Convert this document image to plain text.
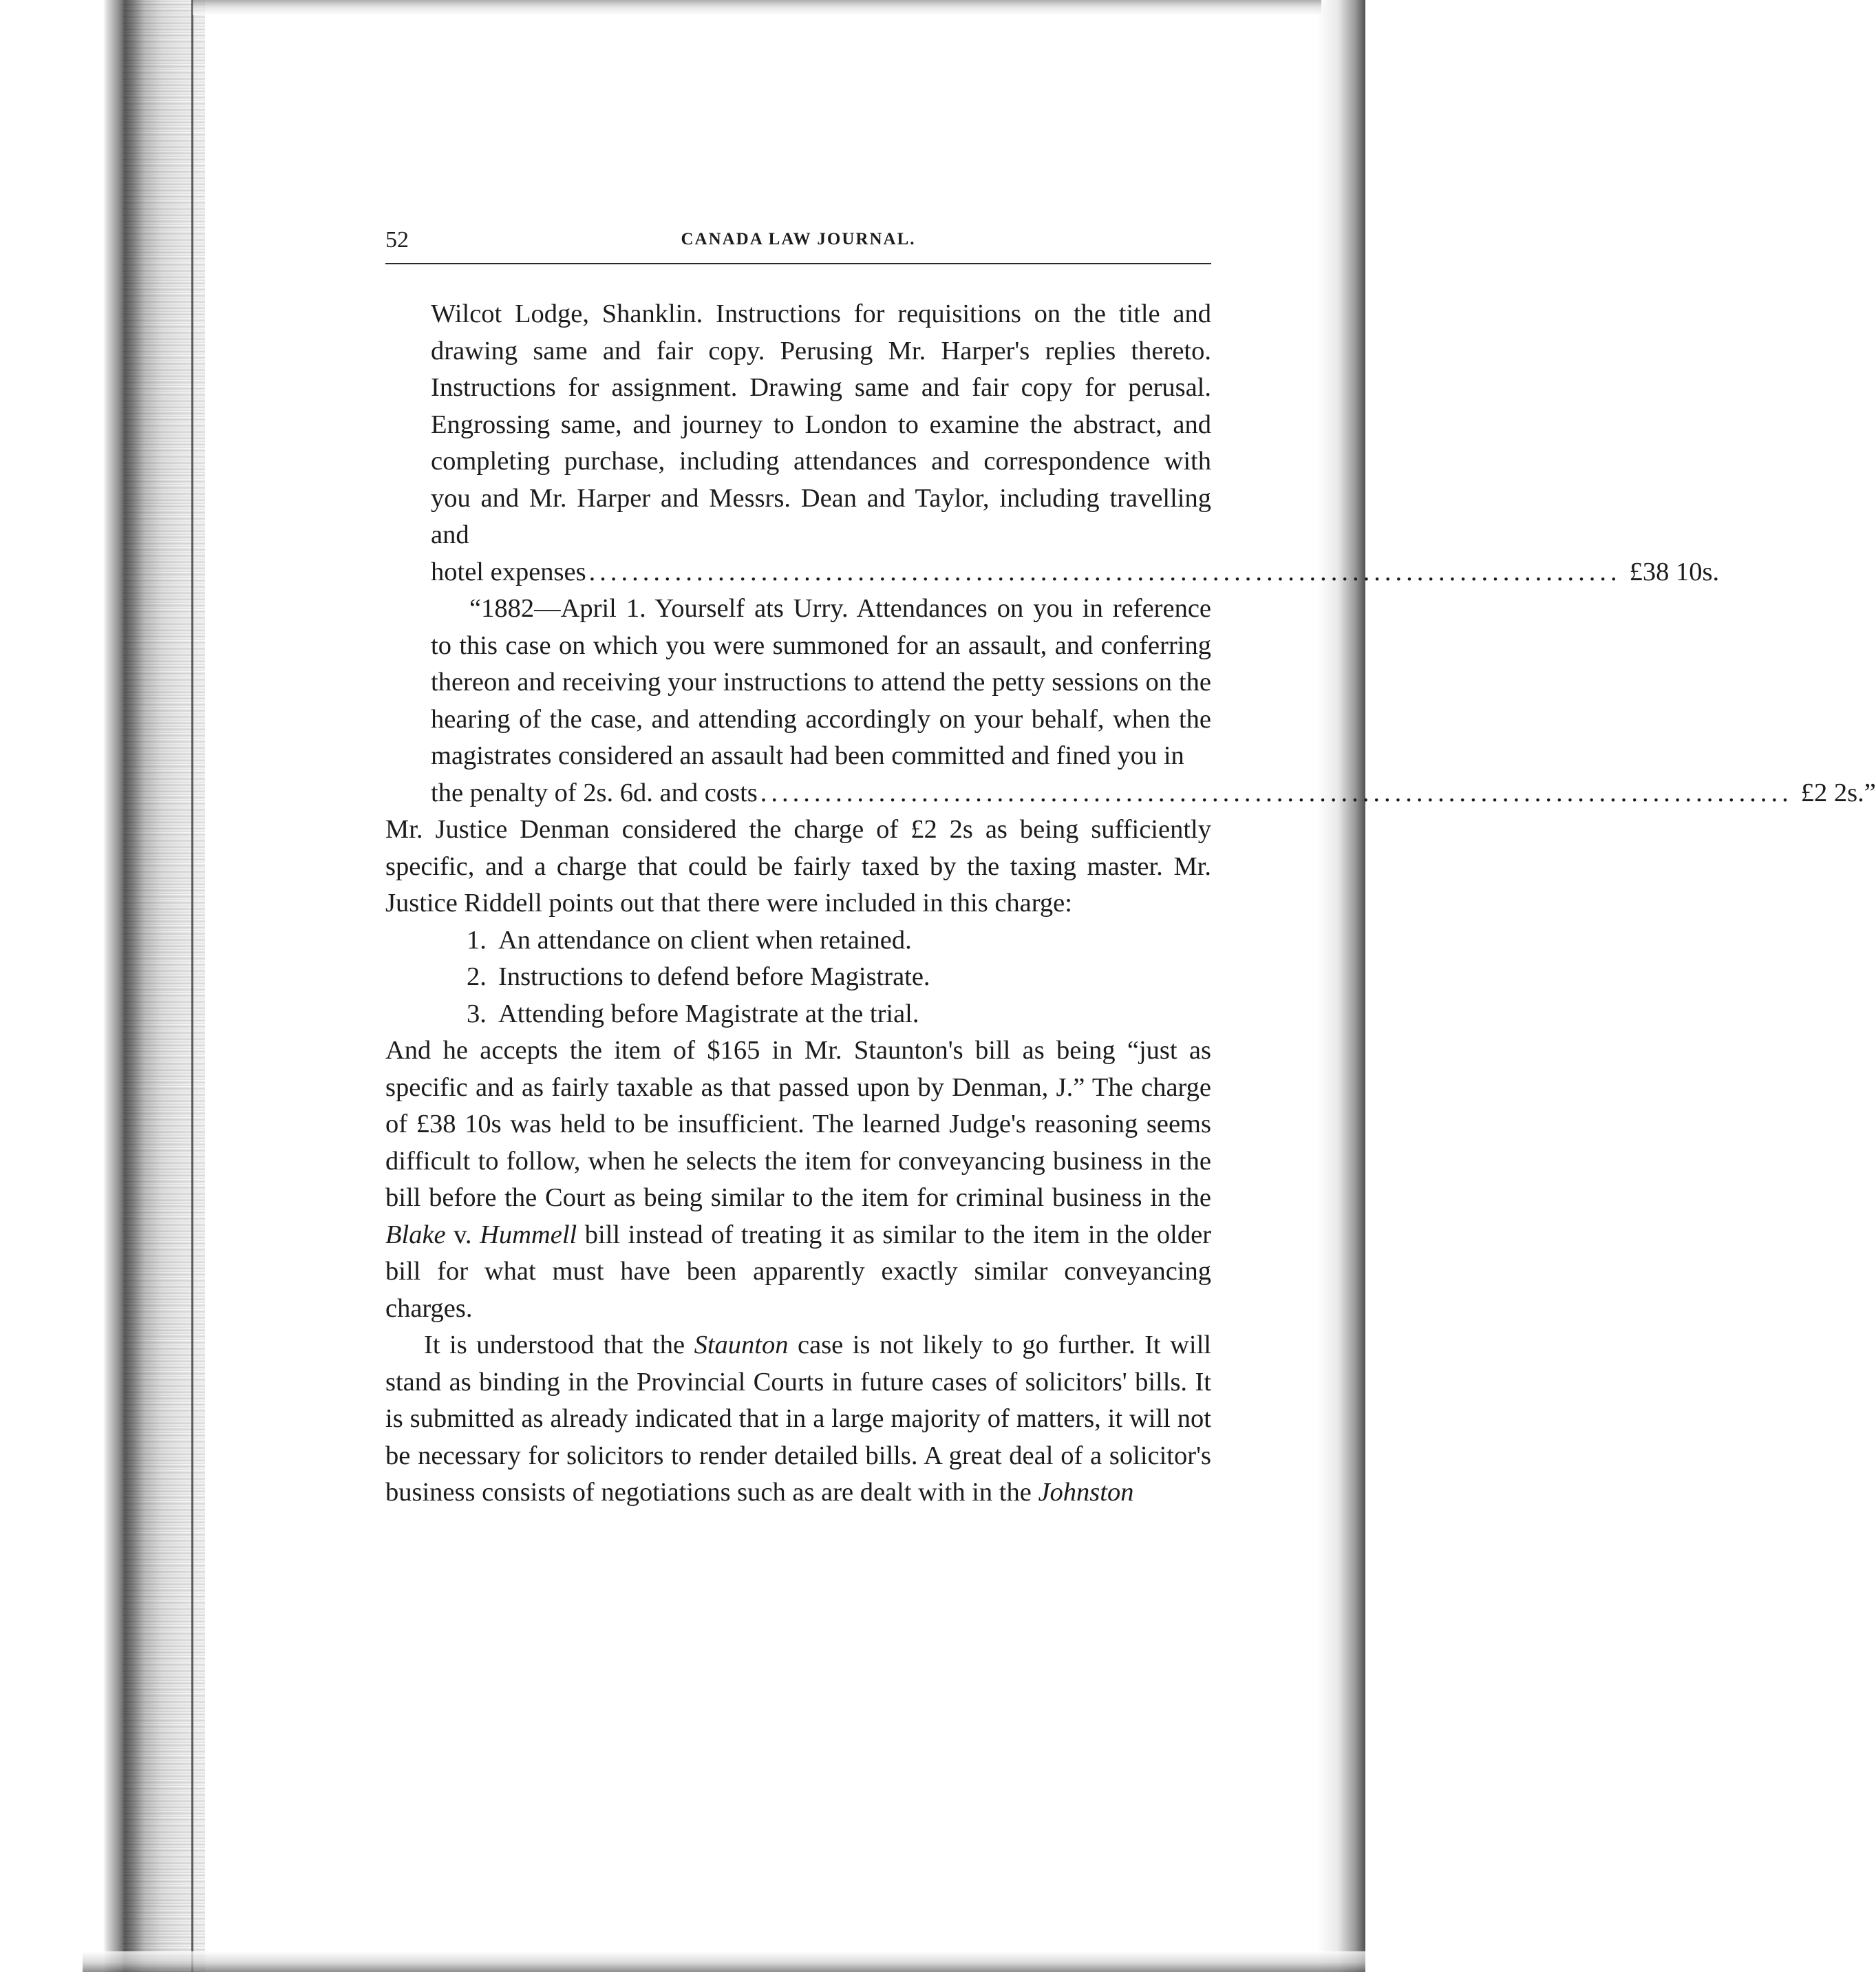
52	CANADA LAW JOURNAL.

Wilcot Lodge, Shanklin. Instructions for requisitions on the title and drawing same and fair copy. Perusing Mr. Harper's replies thereto. Instructions for assignment. Drawing same and fair copy for perusal. Engrossing same, and journey to London to examine the abstract, and completing purchase, including attendances and correspondence with you and Mr. Harper and Messrs. Dean and Taylor, including travelling and

hotel expenses ................................................................................................ £38 10s.

“1882—April 1. Yourself ats Urry. Attendances on you in reference to this case on which you were summoned for an assault, and conferring thereon and receiving your instructions to attend the petty sessions on the hearing of the case, and attending accordingly on your behalf, when the magistrates considered an assault had been committed and fined you in

the penalty of 2s. 6d. and costs ................................................................................................ £2 2s.”

Mr. Justice Denman considered the charge of £2 2s as being sufficiently specific, and a charge that could be fairly taxed by the taxing master. Mr. Justice Riddell points out that there were included in this charge:

1. An attendance on client when retained.
2. Instructions to defend before Magistrate.
3. Attending before Magistrate at the trial.

And he accepts the item of $165 in Mr. Staunton's bill as being “just as specific and as fairly taxable as that passed upon by Denman, J.” The charge of £38 10s was held to be insufficient. The learned Judge's reasoning seems difficult to follow, when he selects the item for conveyancing business in the bill before the Court as being similar to the item for criminal business in the Blake v. Hummell bill instead of treating it as similar to the item in the older bill for what must have been apparently exactly similar conveyancing charges.

It is understood that the Staunton case is not likely to go further. It will stand as binding in the Provincial Courts in future cases of solicitors' bills. It is submitted as already indicated that in a large majority of matters, it will not be necessary for solicitors to render detailed bills. A great deal of a solicitor's business consists of negotiations such as are dealt with in the Johnston
